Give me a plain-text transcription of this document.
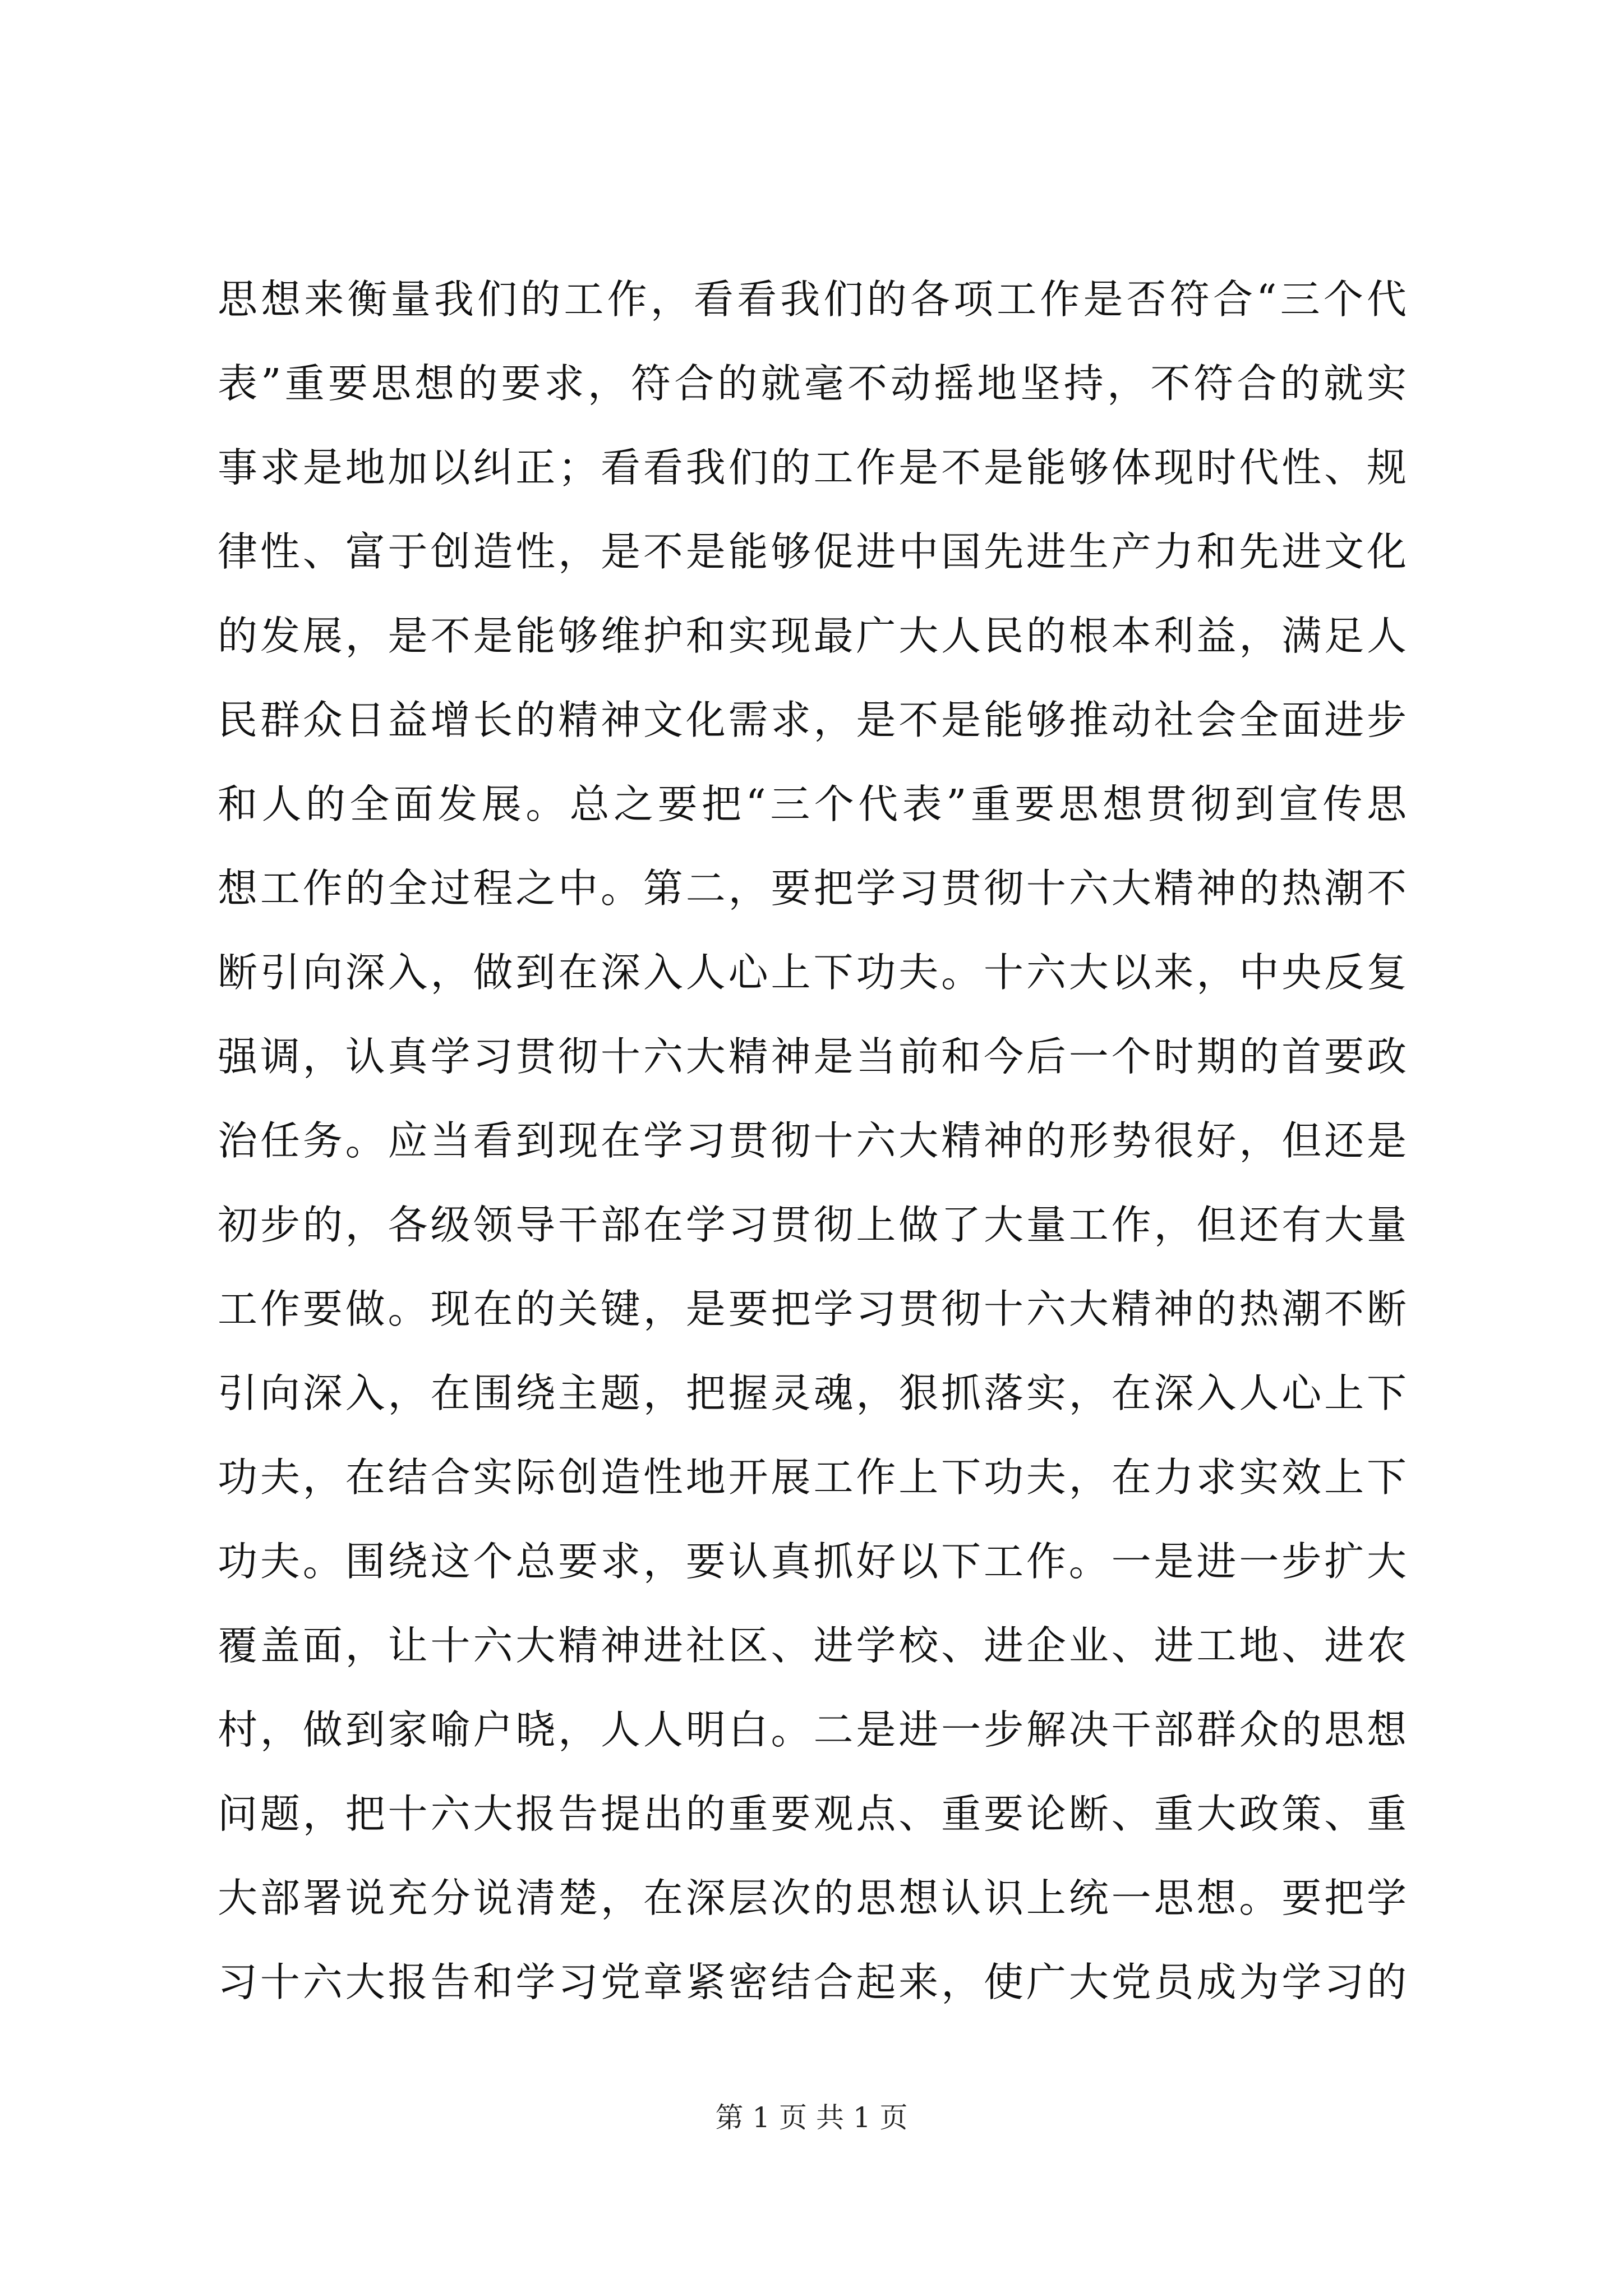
思想来衡量我们的工作，看看我们的各项工作是否符合“三个代
表”重要思想的要求，符合的就毫不动摇地坚持，不符合的就实
事求是地加以纠正；看看我们的工作是不是能够体现时代性、规
律性、富于创造性，是不是能够促进中国先进生产力和先进文化
的发展，是不是能够维护和实现最广大人民的根本利益，满足人
民群众日益增长的精神文化需求，是不是能够推动社会全面进步
和人的全面发展。总之要把“三个代表”重要思想贯彻到宣传思
想工作的全过程之中。第二，要把学习贯彻十六大精神的热潮不
断引向深入，做到在深入人心上下功夫。十六大以来，中央反复
强调，认真学习贯彻十六大精神是当前和今后一个时期的首要政
治任务。应当看到现在学习贯彻十六大精神的形势很好，但还是
初步的，各级领导干部在学习贯彻上做了大量工作，但还有大量
工作要做。现在的关键，是要把学习贯彻十六大精神的热潮不断
引向深入，在围绕主题，把握灵魂，狠抓落实，在深入人心上下
功夫，在结合实际创造性地开展工作上下功夫，在力求实效上下
功夫。围绕这个总要求，要认真抓好以下工作。一是进一步扩大
覆盖面，让十六大精神进社区、进学校、进企业、进工地、进农
村，做到家喻户晓，人人明白。二是进一步解决干部群众的思想
问题，把十六大报告提出的重要观点、重要论断、重大政策、重
大部署说充分说清楚，在深层次的思想认识上统一思想。要把学
习十六大报告和学习党章紧密结合起来，使广大党员成为学习的
第 1 页 共 1 页
